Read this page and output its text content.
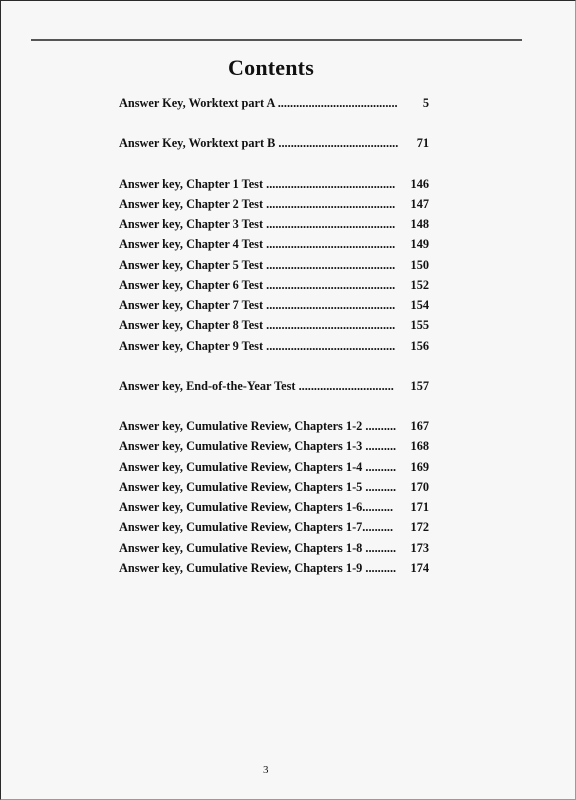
Contents
Answer Key, Worktext part A .......................................	5
Answer Key, Worktext part B .......................................	71
Answer key, Chapter 1 Test ..........................................	146
Answer key, Chapter 2 Test ..........................................	147
Answer key, Chapter 3 Test ..........................................	148
Answer key, Chapter 4 Test ..........................................	149
Answer key, Chapter 5 Test ..........................................	150
Answer key, Chapter 6 Test ..........................................	152
Answer key, Chapter 7 Test ..........................................	154
Answer key, Chapter 8 Test ..........................................	155
Answer key, Chapter 9 Test ..........................................	156
Answer key, End-of-the-Year Test ...............................	157
Answer key, Cumulative Review, Chapters 1-2 ..........	167
Answer key, Cumulative Review, Chapters 1-3 ..........	168
Answer key, Cumulative Review, Chapters 1-4 ..........	169
Answer key, Cumulative Review, Chapters 1-5 ..........	170
Answer key, Cumulative Review, Chapters 1-6..........	171
Answer key, Cumulative Review, Chapters 1-7..........	172
Answer key, Cumulative Review, Chapters 1-8 ..........	173
Answer key, Cumulative Review, Chapters 1-9 ..........	174
3
